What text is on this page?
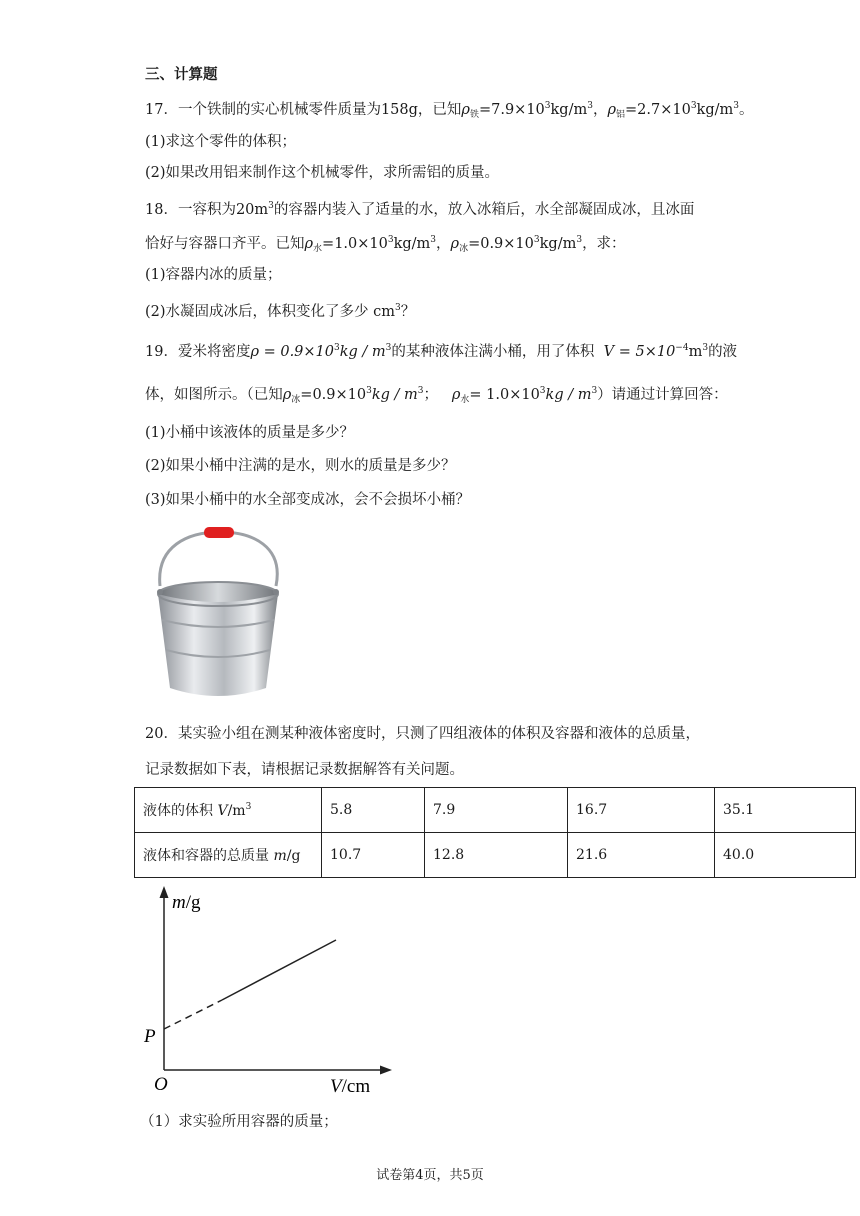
三、计算题
17．一个铁制的实心机械零件质量为158g，已知$\rho_铁=7.9\times 10^3kg/m^3$，$\rho_铝=2.7\times 10^3kg/m^3$。
(1)求这个零件的体积；
(2)如果改用铝来制作这个机械零件，求所需铝的质量。
18．一容积为$20m^3$的容器内装入了适量的水，放入冰箱后，水全部凝固成冰，且冰面
恰好与容器口齐平。已知$\rho_水=1.0\times 10^3kg/m^3$，$\rho_冰=0.9\times 10^3kg/m^3$，求：
(1)容器内冰的质量；
(2)水凝固成冰后，体积变化了多少 $cm^3$？
19．爱米将密度$\rho = 0.9\times 10^3kg / m^3$的某种液体注满小桶，用了体积 $V = 5\times 10^{-4}m^3$的液
体，如图所示。（已知$\rho_冰=0.9\times 10^3kg / m^3$； $\rho_水= 1.0\times 10^3kg / m^3$）请通过计算回答：
(1)小桶中该液体的质量是多少？
(2)如果小桶中注满的是水，则水的质量是多少？
(3)如果小桶中的水全部变成冰，会不会损坏小桶？
20．某实验小组在测某种液体密度时，只测了四组液体的体积及容器和液体的总质量，
记录数据如下表，请根据记录数据解答有关问题。
液体的体积 $V/m^3$	5.8	7.9	16.7	35.1
液体和容器的总质量 m/g	10.7	12.8	21.6	40.0
m/g
P
O	V/cm
（1）求实验所用容器的质量；
试卷第4页，共5页
